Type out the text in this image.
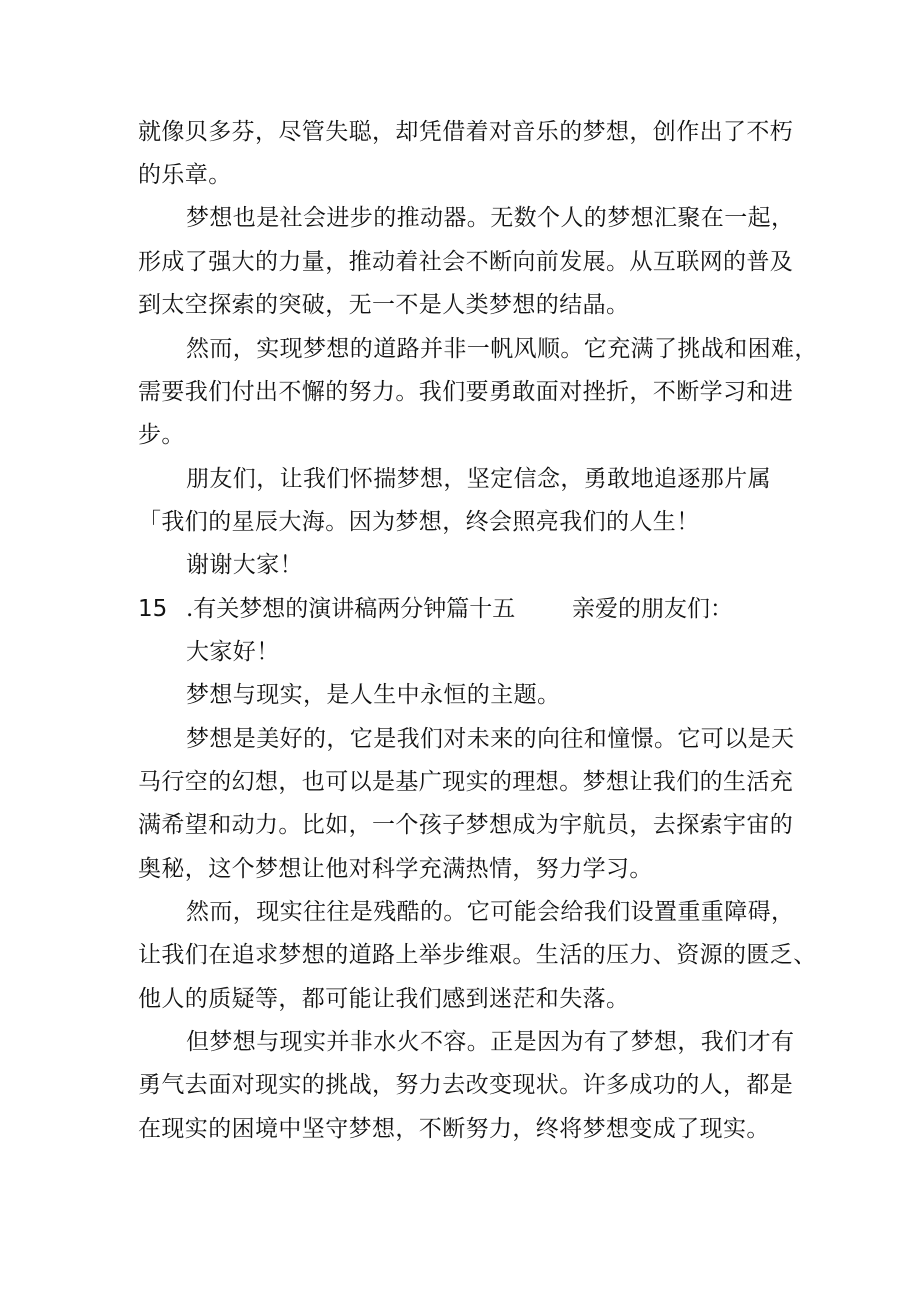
就像贝多芬，尽管失聪，却凭借着对音乐的梦想，创作出了不朽
的乐章。
梦想也是社会进步的推动器。无数个人的梦想汇聚在一起，
形成了强大的力量，推动着社会不断向前发展。从互联网的普及
到太空探索的突破，无一不是人类梦想的结晶。
然而，实现梦想的道路并非一帆风顺。它充满了挑战和困难，
需要我们付出不懈的努力。我们要勇敢面对挫折，不断学习和进
步。
朋友们，让我们怀揣梦想，坚定信念，勇敢地追逐那片属
「我们的星辰大海。因为梦想，终会照亮我们的人生！
谢谢大家！
15 .有关梦想的演讲稿两分钟篇十五 亲爱的朋友们：
大家好！
梦想与现实，是人生中永恒的主题。
梦想是美好的，它是我们对未来的向往和憧憬。它可以是天
马行空的幻想，也可以是基广现实的理想。梦想让我们的生活充
满希望和动力。比如，一个孩子梦想成为宇航员，去探索宇宙的
奥秘，这个梦想让他对科学充满热情，努力学习。
然而，现实往往是残酷的。它可能会给我们设置重重障碍，
让我们在追求梦想的道路上举步维艰。生活的压力、资源的匮乏、
他人的质疑等，都可能让我们感到迷茫和失落。
但梦想与现实并非水火不容。正是因为有了梦想，我们才有
勇气去面对现实的挑战，努力去改变现状。许多成功的人，都是
在现实的困境中坚守梦想，不断努力，终将梦想变成了现实。
